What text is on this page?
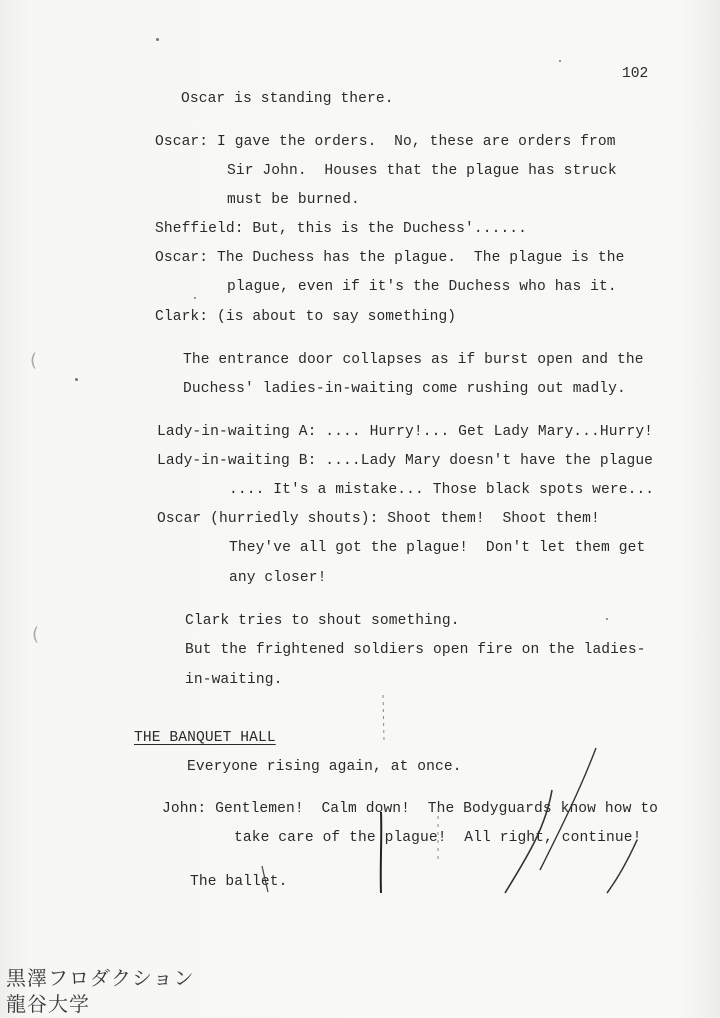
102
Oscar is standing there.
Oscar: I gave the orders.  No, these are orders from
Sir John.  Houses that the plague has struck
must be burned.
Sheffield: But, this is the Duchess'......
Oscar: The Duchess has the plague.  The plague is the
plague, even if it's the Duchess who has it.
Clark: (is about to say something)
The entrance door collapses as if burst open and the
Duchess' ladies-in-waiting come rushing out madly.
Lady-in-waiting A: .... Hurry!... Get Lady Mary...Hurry!
Lady-in-waiting B: ....Lady Mary doesn't have the plague
.... It's a mistake... Those black spots were...
Oscar (hurriedly shouts): Shoot them!  Shoot them!
They've all got the plague!  Don't let them get
any closer!
Clark tries to shout something.
But the frightened soldiers open fire on the ladies-
in-waiting.
THE BANQUET HALL
Everyone rising again, at once.
John: Gentlemen!  Calm down!  The Bodyguards know how to
take care of the plague!  All right, continue!
The ballet.
(
(
黒澤フロダクション
龍谷大学
